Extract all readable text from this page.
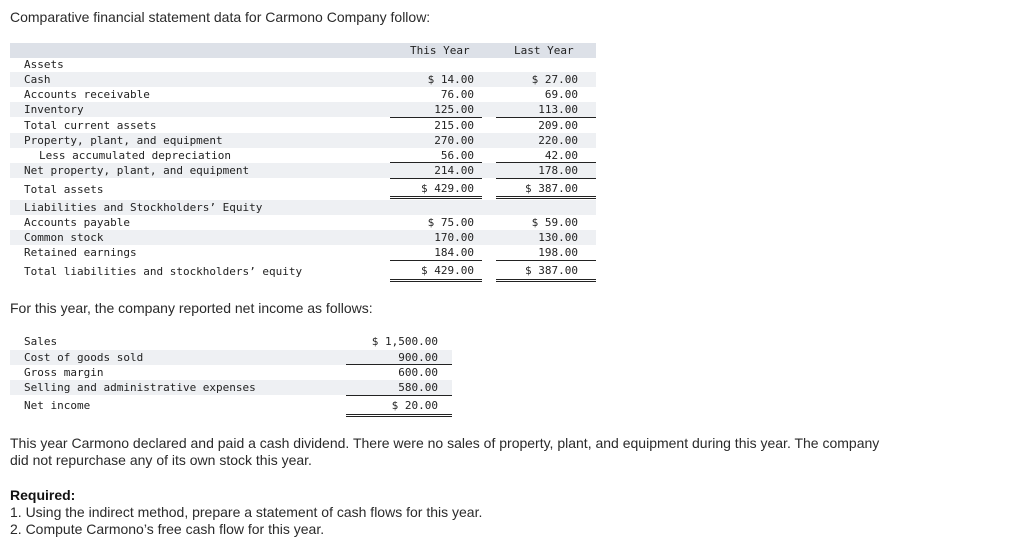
Comparative financial statement data for Carmono Company follow:
This Year	Last Year
Assets
Cash
Accounts receivable
Inventory
Total current assets
Property, plant, and equipment
Less accumulated depreciation
Net property, plant, and equipment
Total assets
Liabilities and Stockholders’ Equity
Accounts payable
Common stock
Retained earnings
Total liabilities and stockholders’ equity
$ 14.00
76.00
125.00
215.00
270.00
56.00
214.00
$ 429.00
$ 75.00
170.00
184.00
$ 429.00
$ 27.00
69.00
113.00
209.00
220.00
42.00
178.00
$ 387.00
$ 59.00
130.00
198.00
$ 387.00
For this year, the company reported net income as follows:
Sales
Cost of goods sold
Gross margin
Selling and administrative expenses
Net income
$ 1,500.00
900.00
600.00
580.00
$ 20.00
This year Carmono declared and paid a cash dividend. There were no sales of property, plant, and equipment during this year. The company did not repurchase any of its own stock this year.
Required:
1. Using the indirect method, prepare a statement of cash flows for this year.
2. Compute Carmono’s free cash flow for this year.
